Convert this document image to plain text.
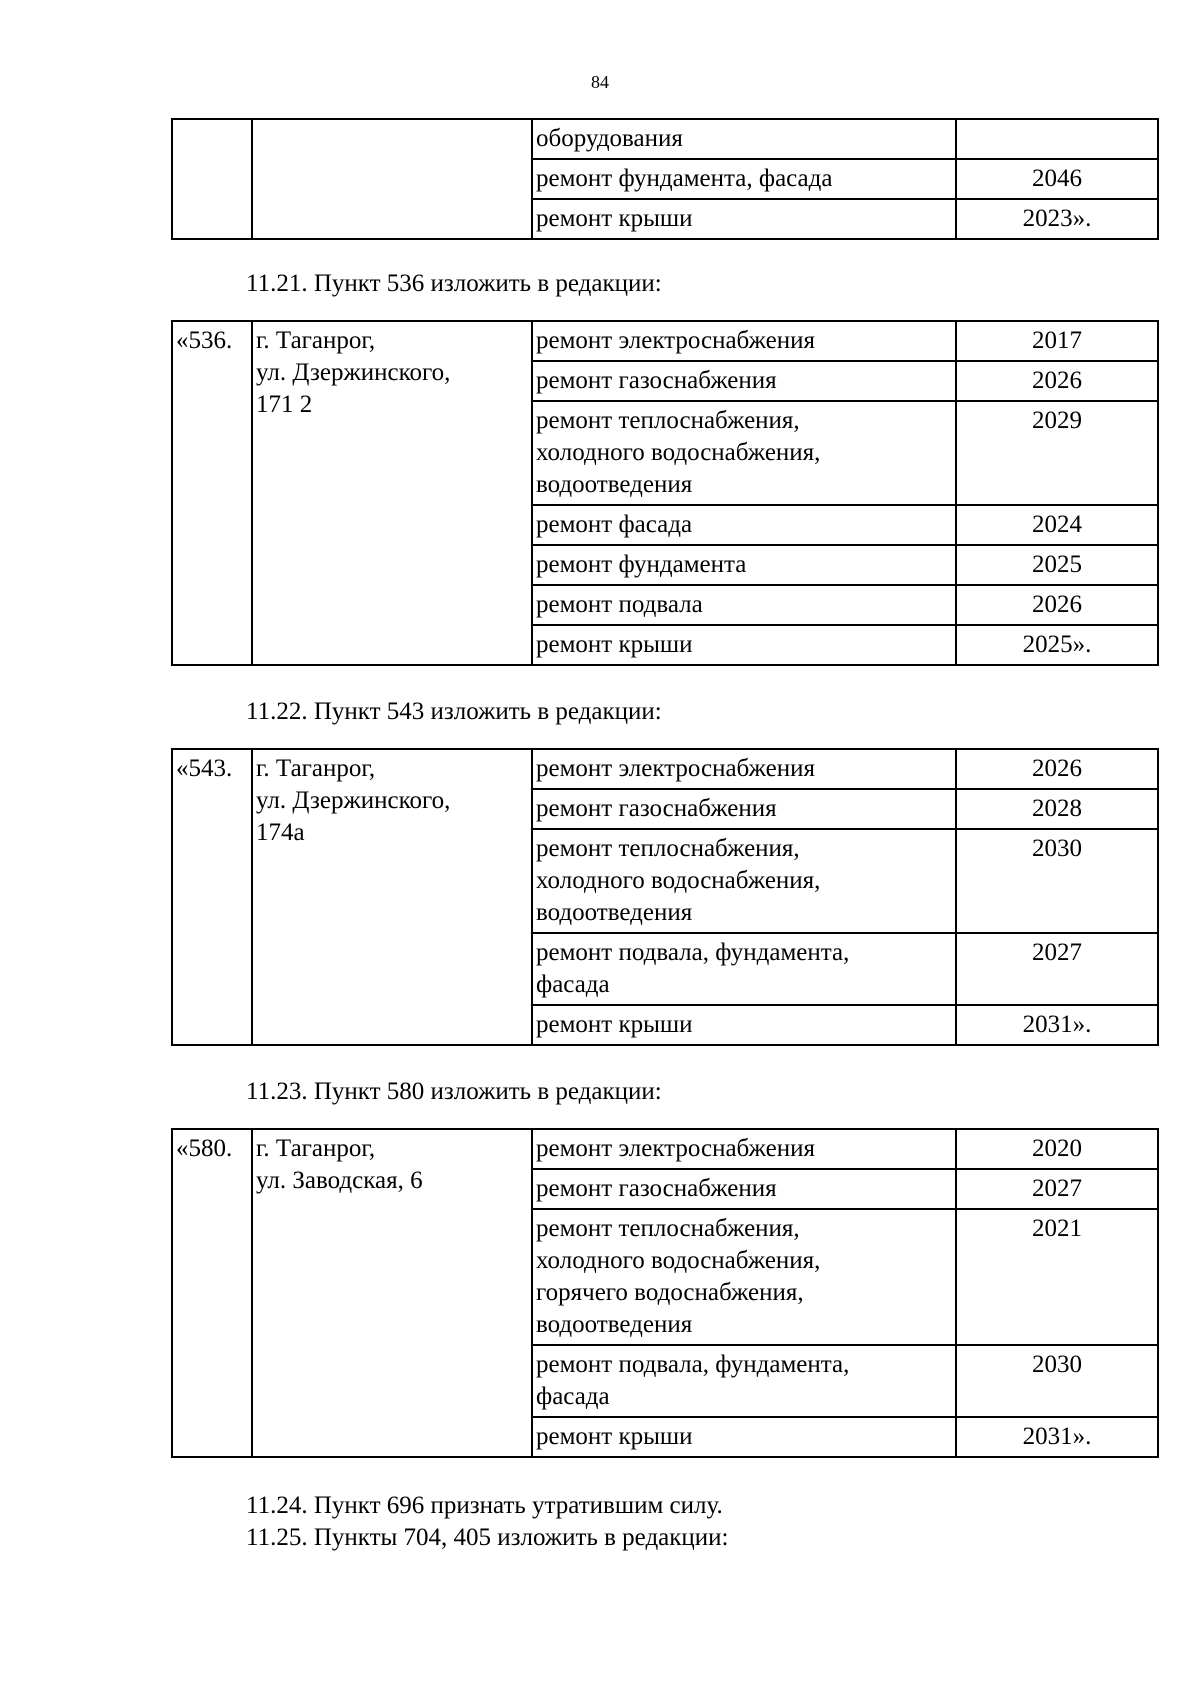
84
		оборудования	
		ремонт фундамента, фасада	2046
		ремонт крыши	2023».
11.21. Пункт 536 изложить в редакции:
«536.	г. Таганрог,
ул. Дзержинского,
171 2	ремонт электроснабжения	2017
		ремонт газоснабжения	2026
		ремонт теплоснабжения,
холодного водоснабжения,
водоотведения	2029
		ремонт фасада	2024
		ремонт фундамента	2025
		ремонт подвала	2026
		ремонт крыши	2025».
11.22. Пункт 543 изложить в редакции:
«543.	г. Таганрог,
ул. Дзержинского,
174а	ремонт электроснабжения	2026
		ремонт газоснабжения	2028
		ремонт теплоснабжения,
холодного водоснабжения,
водоотведения	2030
		ремонт подвала, фундамента,
фасада	2027
		ремонт крыши	2031».
11.23. Пункт 580 изложить в редакции:
«580.	г. Таганрог,
ул. Заводская, 6	ремонт электроснабжения	2020
		ремонт газоснабжения	2027
		ремонт теплоснабжения,
холодного водоснабжения,
горячего водоснабжения,
водоотведения	2021
		ремонт подвала, фундамента,
фасада	2030
		ремонт крыши	2031».
11.24. Пункт 696 признать утратившим силу.
11.25. Пункты 704, 405 изложить в редакции:
